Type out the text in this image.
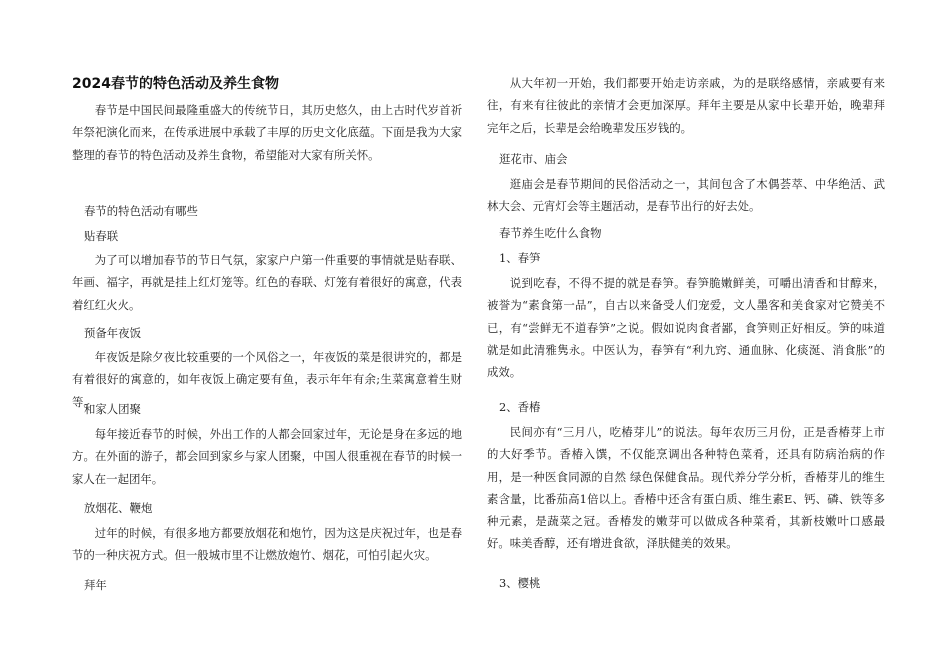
2024春节的特色活动及养生食物

春节是中国民间最隆重盛大的传统节日，其历史悠久，由上古时代岁首祈年祭祀演化而来，在传承进展中承载了丰厚的历史文化底蕴。下面是我为大家整理的春节的特色活动及养生食物，希望能对大家有所关怀。

春节的特色活动有哪些
贴春联

为了可以增加春节的节日气氛，家家户户第一件重要的事情就是贴春联、年画、福字，再就是挂上红灯笼等。红色的春联、灯笼有着很好的寓意，代表着红红火火。

预备年夜饭

年夜饭是除夕夜比较重要的一个风俗之一，年夜饭的菜是很讲究的，都是有着很好的寓意的，如年夜饭上确定要有鱼，表示年年有余;生菜寓意着生财等。

和家人团聚

每年接近春节的时候，外出工作的人都会回家过年，无论是身在多远的地方。在外面的游子，都会回到家乡与家人团聚，中国人很重视在春节的时候一家人在一起团年。

放烟花、鞭炮

过年的时候，有很多地方都要放烟花和炮竹，因为这是庆祝过年，也是春节的一种庆祝方式。但一般城市里不让燃放炮竹、烟花，可怕引起火灾。

拜年

从大年初一开始，我们都要开始走访亲戚，为的是联络感情，亲戚要有来往，有来有往彼此的亲情才会更加深厚。拜年主要是从家中长辈开始，晚辈拜完年之后，长辈是会给晚辈发压岁钱的。

逛花市、庙会

逛庙会是春节期间的民俗活动之一，其间包含了木偶荟萃、中华绝活、武林大会、元宵灯会等主题活动，是春节出行的好去处。

春节养生吃什么食物
1、春笋

说到吃春，不得不提的就是春笋。春笋脆嫩鲜美，可嚼出清香和甘醇来，被誉为“素食第一品”，自古以来备受人们宠爱，文人墨客和美食家对它赞美不已，有“尝鲜无不道春笋”之说。假如说肉食者鄙，食笋则正好相反。笋的味道就是如此清雅隽永。中医认为，春笋有“利九窍、通血脉、化痰涎、消食胀”的成效。

2、香椿

民间亦有“三月八，吃椿芽儿”的说法。每年农历三月份，正是香椿芽上市的大好季节。香椿入馔，不仅能烹调出各种特色菜肴，还具有防病治病的作用，是一种医食同源的自然 绿色保健食品。现代养分学分析，香椿芽儿的维生素含量，比番茄高1倍以上。香椿中还含有蛋白质、维生素E、钙、磷、铁等多种元素，是蔬菜之冠。香椿发的嫩芽可以做成各种菜肴，其新枝嫩叶口感最好。味美香醇，还有增进食欲，泽肤健美的效果。

3、樱桃
